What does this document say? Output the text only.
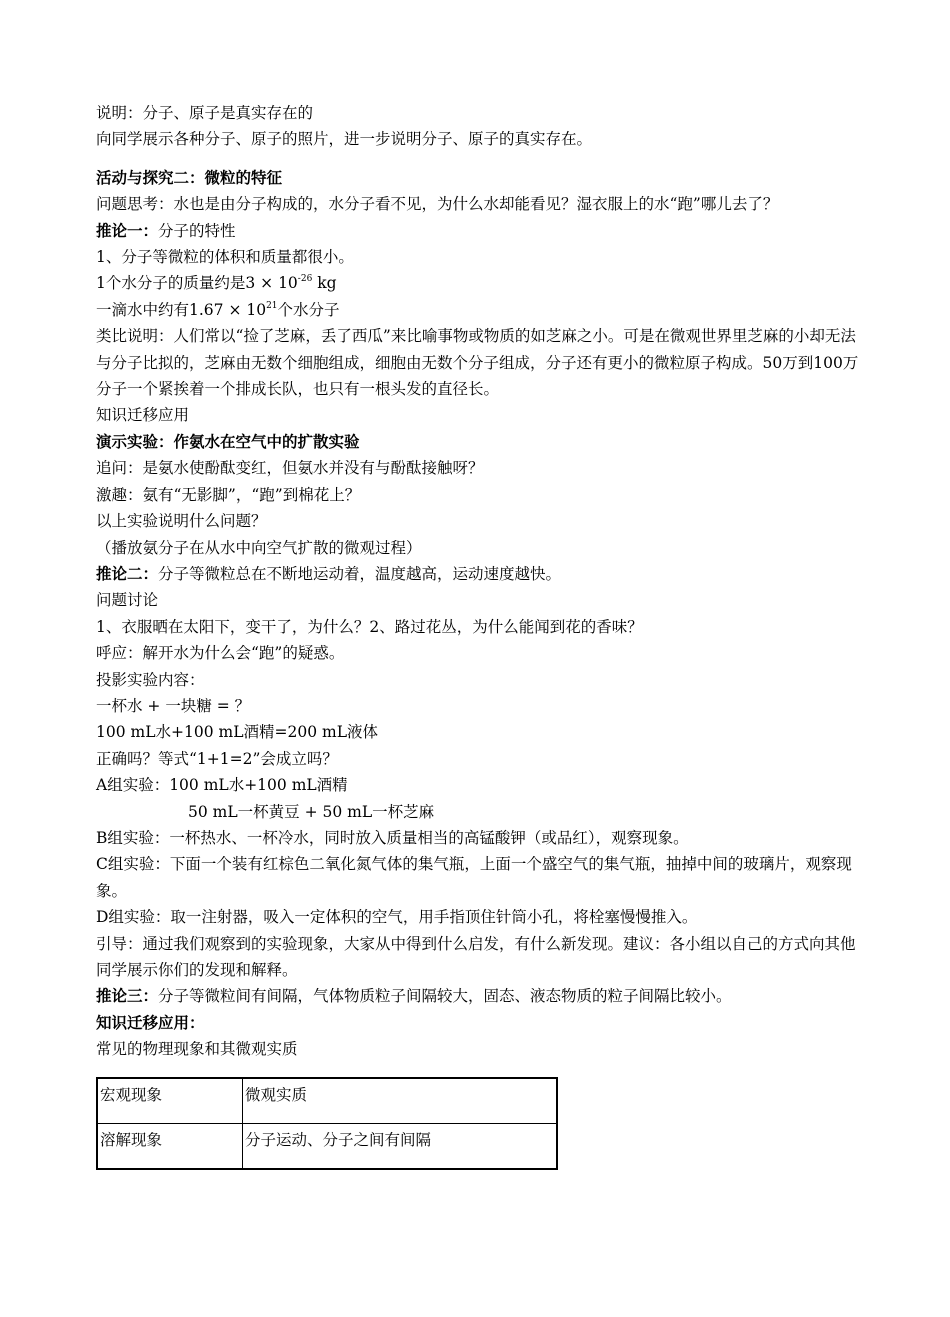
说明：分子、原子是真实存在的
向同学展示各种分子、原子的照片，进一步说明分子、原子的真实存在。
活动与探究二：微粒的特征
问题思考：水也是由分子构成的，水分子看不见，为什么水却能看见？湿衣服上的水“跑”哪儿去了？
推论一：分子的特性
1、分子等微粒的体积和质量都很小。
1个水分子的质量约是$3 \times 10^{-26}$ kg
一滴水中约有$1.67 \times 10^{21}$个水分子
类比说明：人们常以“捡了芝麻，丢了西瓜”来比喻事物或物质的如芝麻之小。可是在微观世界里芝麻的小却无法与分子比拟的，芝麻由无数个细胞组成，细胞由无数个分子组成，分子还有更小的微粒原子构成。50万到100万分子一个紧挨着一个排成长队，也只有一根头发的直径长。
知识迁移应用
演示实验：作氨水在空气中的扩散实验
追问：是氨水使酚酞变红，但氨水并没有与酚酞接触呀？
激趣：氨有“无影脚”，“跑”到棉花上？
以上实验说明什么问题？
（播放氨分子在从水中向空气扩散的微观过程）
推论二：分子等微粒总在不断地运动着，温度越高，运动速度越快。
问题讨论
1、衣服晒在太阳下，变干了，为什么？2、路过花丛，为什么能闻到花的香味？
呼应：解开水为什么会“跑”的疑惑。
投影实验内容：
一杯水 + 一块糖 = ？
100 mL水+100 mL酒精=200 mL液体
正确吗？等式“1+1=2”会成立吗？
A组实验：100 mL水+100 mL酒精
50 mL一杯黄豆 + 50 mL一杯芝麻
B组实验：一杯热水、一杯冷水，同时放入质量相当的高锰酸钾（或品红），观察现象。
C组实验：下面一个装有红棕色二氧化氮气体的集气瓶，上面一个盛空气的集气瓶，抽掉中间的玻璃片，观察现象。
D组实验：取一注射器，吸入一定体积的空气，用手指顶住针筒小孔，将栓塞慢慢推入。
引导：通过我们观察到的实验现象，大家从中得到什么启发，有什么新发现。建议：各小组以自己的方式向其他同学展示你们的发现和解释。
推论三：分子等微粒间有间隔，气体物质粒子间隔较大，固态、液态物质的粒子间隔比较小。
知识迁移应用：
常见的物理现象和其微观实质
宏观现象	微观实质
溶解现象	分子运动、分子之间有间隔
